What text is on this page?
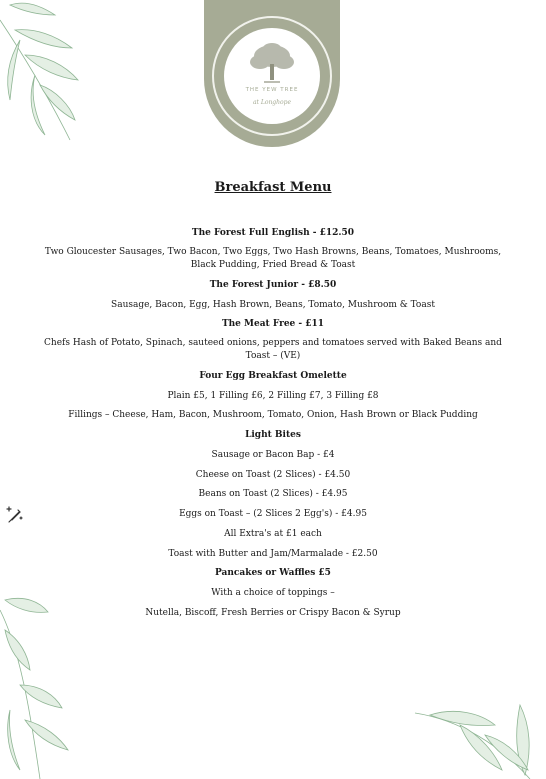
THE YEW TREE
at Longhope
Breakfast Menu
The Forest Full English - £12.50
Two Gloucester Sausages, Two Bacon, Two Eggs, Two Hash Browns, Beans, Tomatoes, Mushrooms, Black Pudding, Fried Bread & Toast
The Forest Junior - £8.50
Sausage, Bacon, Egg, Hash Brown, Beans, Tomato, Mushroom & Toast
The Meat Free - £11
Chefs Hash of Potato, Spinach, sauteed onions, peppers and tomatoes served with Baked Beans and Toast – (VE)
Four Egg Breakfast Omelette
Plain £5, 1 Filling £6, 2 Filling £7, 3 Filling £8
Fillings – Cheese, Ham, Bacon, Mushroom, Tomato, Onion, Hash Brown or Black Pudding
Light Bites
Sausage or Bacon Bap - £4
Cheese on Toast (2 Slices) - £4.50
Beans on Toast (2 Slices) - £4.95
Eggs on Toast – (2 Slices 2 Egg's) - £4.95
All Extra's at £1 each
Toast with Butter and Jam/Marmalade - £2.50
Pancakes or Waffles £5
With a choice of toppings –
Nutella, Biscoff, Fresh Berries or Crispy Bacon & Syrup
